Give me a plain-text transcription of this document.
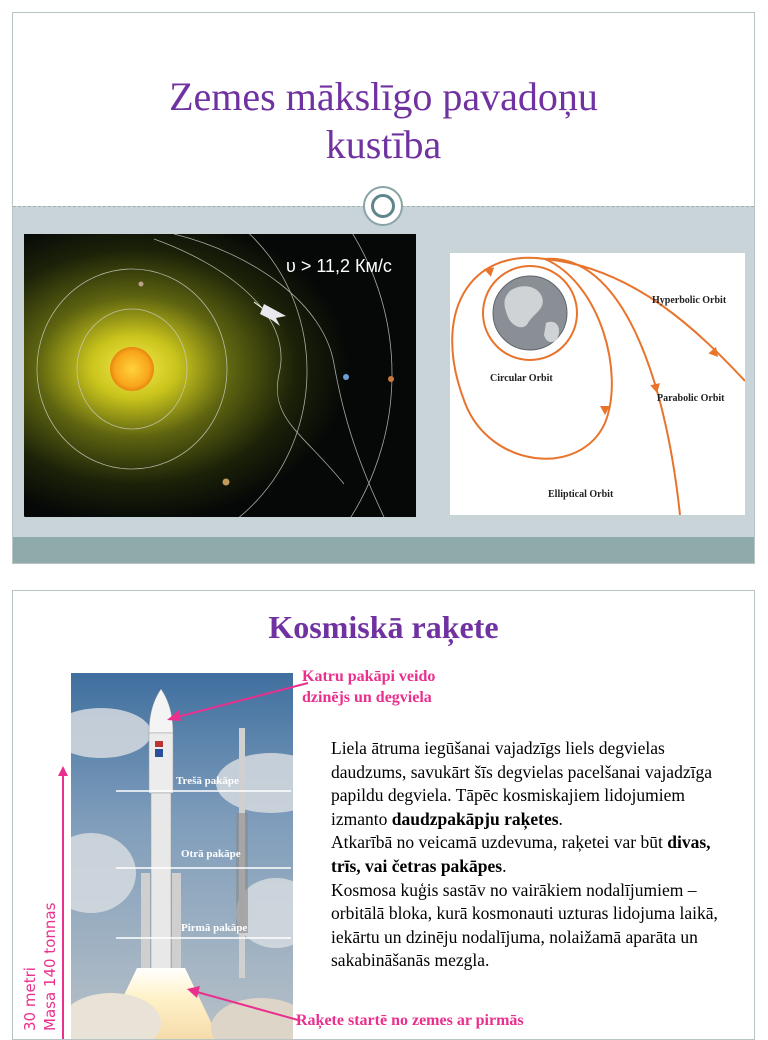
Zemes mākslīgo pavadoņu
kustība
υ > 11,2 Км/с
Hyperbolic Orbit
Circular Orbit
Parabolic Orbit
Elliptical Orbit
Kosmiskā raķete
Trešā pakāpe
Otrā pakāpe
Pirmā pakāpe
30 metri Masa 140 tonnas
Katru pakāpi veido
dzinējs un degviela
Raķete startē no zemes ar pirmās
Liela ātruma iegūšanai vajadzīgs liels degvielas daudzums, savukārt šīs degvielas pacelšanai vajadzīga papildu degviela. Tāpēc kosmiskajiem lidojumiem izmanto daudzpakāpju raķetes.
Atkarībā no veicamā uzdevuma, raķetei var būt divas, trīs, vai četras pakāpes.
Kosmosa kuģis sastāv no vairākiem nodalījumiem – orbitālā bloka, kurā kosmonauti uzturas lidojuma laikā, iekārtu un dzinēju nodalījuma, nolaižamā aparāta un sakabināšanās mezgla.
